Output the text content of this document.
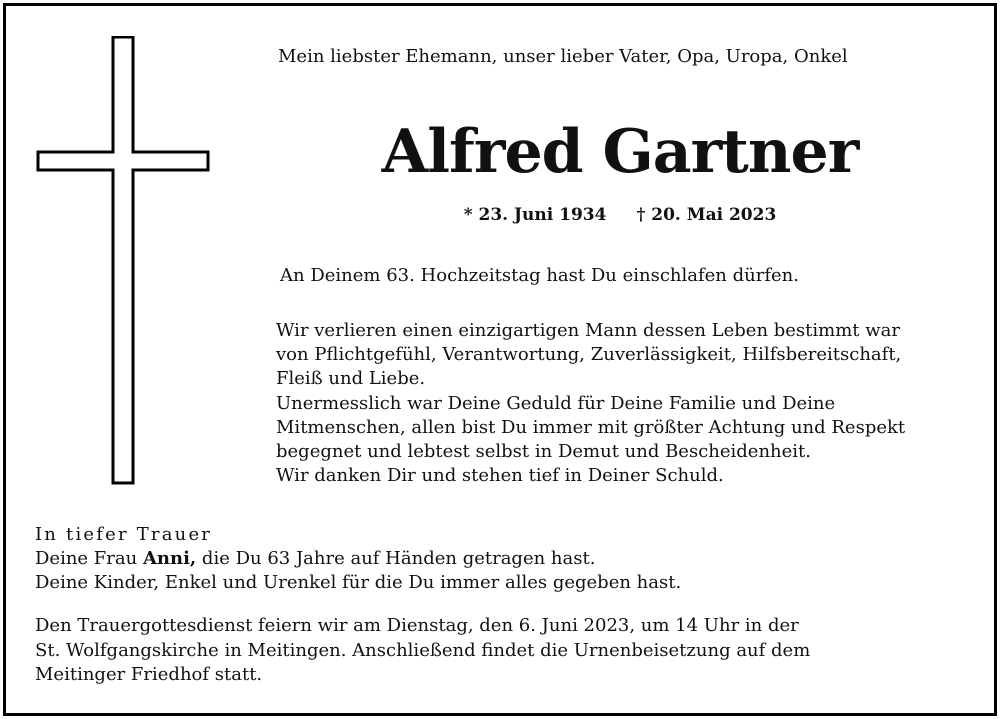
Mein liebster Ehemann, unser lieber Vater, Opa, Uropa, Onkel
Alfred Gartner
* 23. Juni 1934 † 20. Mai 2023
An Deinem 63. Hochzeitstag hast Du einschlafen dürfen.
Wir verlieren einen einzigartigen Mann dessen Leben bestimmt war
von Pflichtgefühl, Verantwortung, Zuverlässigkeit, Hilfsbereitschaft,
Fleiß und Liebe.
Unermesslich war Deine Geduld für Deine Familie und Deine
Mitmenschen, allen bist Du immer mit größter Achtung und Respekt
begegnet und lebtest selbst in Demut und Bescheidenheit.
Wir danken Dir und stehen tief in Deiner Schuld.
In tiefer Trauer
Deine Frau Anni, die Du 63 Jahre auf Händen getragen hast.
Deine Kinder, Enkel und Urenkel für die Du immer alles gegeben hast.
Den Trauergottesdienst feiern wir am Dienstag, den 6. Juni 2023, um 14 Uhr in der
St. Wolfgangskirche in Meitingen. Anschließend findet die Urnenbeisetzung auf dem
Meitinger Friedhof statt.
